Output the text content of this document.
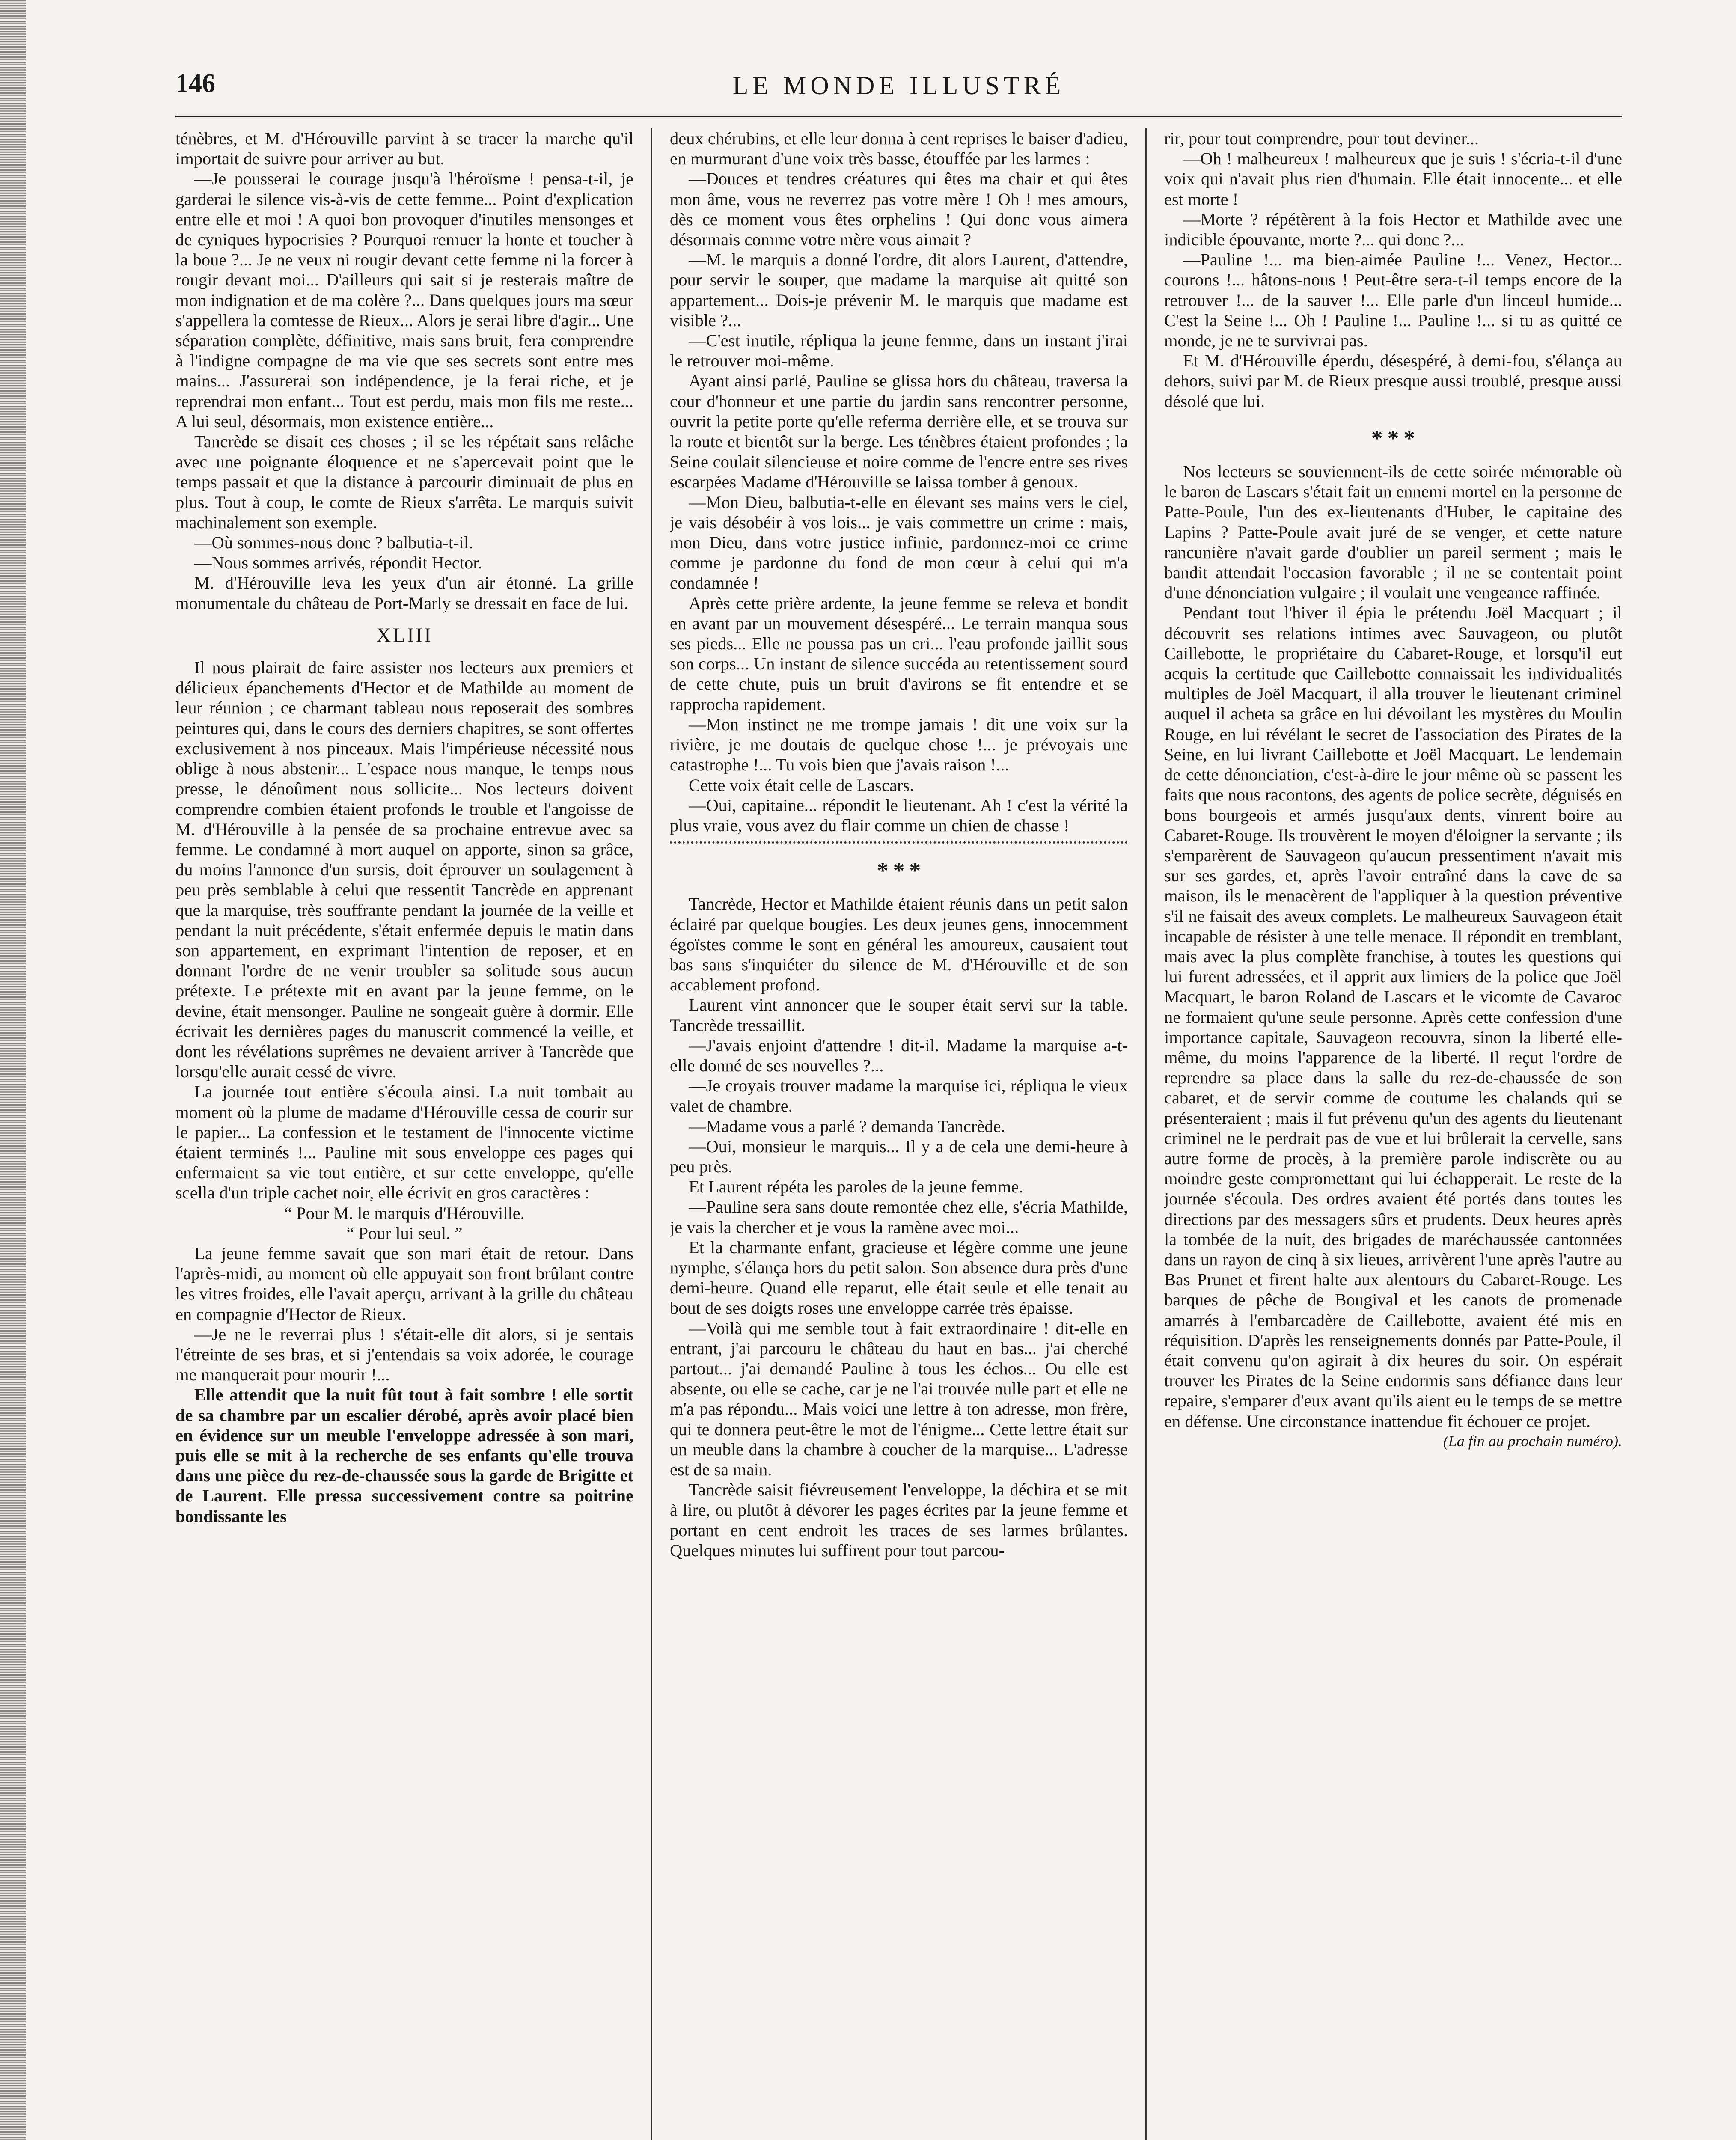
146	LE MONDE ILLUSTRÉ

ténèbres, et M. d'Hérouville parvint à se tracer la marche qu'il importait de suivre pour arriver au but.

—Je pousserai le courage jusqu'à l'héroïsme ! pensa-t-il, je garderai le silence vis-à-vis de cette femme... Point d'explication entre elle et moi ! A quoi bon provoquer d'inutiles mensonges et de cyniques hypocrisies ? Pourquoi remuer la honte et toucher à la boue ?... Je ne veux ni rougir devant cette femme ni la forcer à rougir devant moi... D'ailleurs qui sait si je resterais maître de mon indignation et de ma colère ?... Dans quelques jours ma sœur s'appellera la comtesse de Rieux... Alors je serai libre d'agir... Une séparation complète, définitive, mais sans bruit, fera comprendre à l'indigne compagne de ma vie que ses secrets sont entre mes mains... J'assurerai son indépendence, je la ferai riche, et je reprendrai mon enfant... Tout est perdu, mais mon fils me reste... A lui seul, désormais, mon existence entière...

Tancrède se disait ces choses ; il se les répétait sans relâche avec une poignante éloquence et ne s'apercevait point que le temps passait et que la distance à parcourir diminuait de plus en plus. Tout à coup, le comte de Rieux s'arrêta. Le marquis suivit machinalement son exemple.

—Où sommes-nous donc ? balbutia-t-il.

—Nous sommes arrivés, répondit Hector.

M. d'Hérouville leva les yeux d'un air étonné. La grille monumentale du château de Port-Marly se dressait en face de lui.

XLIII

Il nous plairait de faire assister nos lecteurs aux premiers et délicieux épanchements d'Hector et de Mathilde au moment de leur réunion ; ce charmant tableau nous reposerait des sombres peintures qui, dans le cours des derniers chapitres, se sont offertes exclusivement à nos pinceaux. Mais l'impérieuse nécessité nous oblige à nous abstenir... L'espace nous manque, le temps nous presse, le dénoûment nous sollicite... Nos lecteurs doivent comprendre combien étaient profonds le trouble et l'angoisse de M. d'Hérouville à la pensée de sa prochaine entrevue avec sa femme. Le condamné à mort auquel on apporte, sinon sa grâce, du moins l'annonce d'un sursis, doit éprouver un soulagement à peu près semblable à celui que ressentit Tancrède en apprenant que la marquise, très souffrante pendant la journée de la veille et pendant la nuit précédente, s'était enfermée depuis le matin dans son appartement, en exprimant l'intention de reposer, et en donnant l'ordre de ne venir troubler sa solitude sous aucun prétexte. Le prétexte mit en avant par la jeune femme, on le devine, était mensonger. Pauline ne songeait guère à dormir. Elle écrivait les dernières pages du manuscrit commencé la veille, et dont les révélations suprêmes ne devaient arriver à Tancrède que lorsqu'elle aurait cessé de vivre.

La journée tout entière s'écoula ainsi. La nuit tombait au moment où la plume de madame d'Hérouville cessa de courir sur le papier... La confession et le testament de l'innocente victime étaient terminés !... Pauline mit sous enveloppe ces pages qui enfermaient sa vie tout entière, et sur cette enveloppe, qu'elle scella d'un triple cachet noir, elle écrivit en gros caractères :

“ Pour M. le marquis d'Hérouville.

“ Pour lui seul. ”

La jeune femme savait que son mari était de retour. Dans l'après-midi, au moment où elle appuyait son front brûlant contre les vitres froides, elle l'avait aperçu, arrivant à la grille du château en compagnie d'Hector de Rieux.

—Je ne le reverrai plus ! s'était-elle dit alors, si je sentais l'étreinte de ses bras, et si j'entendais sa voix adorée, le courage me manquerait pour mourir !...

Elle attendit que la nuit fût tout à fait sombre ! elle sortit de sa chambre par un escalier dérobé, après avoir placé bien en évidence sur un meuble l'enveloppe adressée à son mari, puis elle se mit à la recherche de ses enfants qu'elle trouva dans une pièce du rez-de-chaussée sous la garde de Brigitte et de Laurent. Elle pressa successivement contre sa poitrine bondissante les

deux chérubins, et elle leur donna à cent reprises le baiser d'adieu, en murmurant d'une voix très basse, étouffée par les larmes :

—Douces et tendres créatures qui êtes ma chair et qui êtes mon âme, vous ne reverrez pas votre mère ! Oh ! mes amours, dès ce moment vous êtes orphelins ! Qui donc vous aimera désormais comme votre mère vous aimait ?

—M. le marquis a donné l'ordre, dit alors Laurent, d'attendre, pour servir le souper, que madame la marquise ait quitté son appartement... Dois-je prévenir M. le marquis que madame est visible ?...

—C'est inutile, répliqua la jeune femme, dans un instant j'irai le retrouver moi-même.

Ayant ainsi parlé, Pauline se glissa hors du château, traversa la cour d'honneur et une partie du jardin sans rencontrer personne, ouvrit la petite porte qu'elle referma derrière elle, et se trouva sur la route et bientôt sur la berge. Les ténèbres étaient profondes ; la Seine coulait silencieuse et noire comme de l'encre entre ses rives escarpées Madame d'Hérouville se laissa tomber à genoux.

—Mon Dieu, balbutia-t-elle en élevant ses mains vers le ciel, je vais désobéir à vos lois... je vais commettre un crime : mais, mon Dieu, dans votre justice infinie, pardonnez-moi ce crime comme je pardonne du fond de mon cœur à celui qui m'a condamnée !

Après cette prière ardente, la jeune femme se releva et bondit en avant par un mouvement désespéré... Le terrain manqua sous ses pieds... Elle ne poussa pas un cri... l'eau profonde jaillit sous son corps... Un instant de silence succéda au retentissement sourd de cette chute, puis un bruit d'avirons se fit entendre et se rapprocha rapidement.

—Mon instinct ne me trompe jamais ! dit une voix sur la rivière, je me doutais de quelque chose !... je prévoyais une catastrophe !... Tu vois bien que j'avais raison !...

Cette voix était celle de Lascars.

—Oui, capitaine... répondit le lieutenant. Ah ! c'est la vérité la plus vraie, vous avez du flair comme un chien de chasse !

* * *

Tancrède, Hector et Mathilde étaient réunis dans un petit salon éclairé par quelque bougies. Les deux jeunes gens, innocemment égoïstes comme le sont en général les amoureux, causaient tout bas sans s'inquiéter du silence de M. d'Hérouville et de son accablement profond.

Laurent vint annoncer que le souper était servi sur la table. Tancrède tressaillit.

—J'avais enjoint d'attendre ! dit-il. Madame la marquise a-t-elle donné de ses nouvelles ?...

—Je croyais trouver madame la marquise ici, répliqua le vieux valet de chambre.

—Madame vous a parlé ? demanda Tancrède.

—Oui, monsieur le marquis... Il y a de cela une demi-heure à peu près.

Et Laurent répéta les paroles de la jeune femme.

—Pauline sera sans doute remontée chez elle, s'écria Mathilde, je vais la chercher et je vous la ramène avec moi...

Et la charmante enfant, gracieuse et légère comme une jeune nymphe, s'élança hors du petit salon. Son absence dura près d'une demi-heure. Quand elle reparut, elle était seule et elle tenait au bout de ses doigts roses une enveloppe carrée très épaisse.

—Voilà qui me semble tout à fait extraordinaire ! dit-elle en entrant, j'ai parcouru le château du haut en bas... j'ai cherché partout... j'ai demandé Pauline à tous les échos... Ou elle est absente, ou elle se cache, car je ne l'ai trouvée nulle part et elle ne m'a pas répondu... Mais voici une lettre à ton adresse, mon frère, qui te donnera peut-être le mot de l'énigme... Cette lettre était sur un meuble dans la chambre à coucher de la marquise... L'adresse est de sa main.

Tancrède saisit fiévreusement l'enveloppe, la déchira et se mit à lire, ou plutôt à dévorer les pages écrites par la jeune femme et portant en cent endroit les traces de ses larmes brûlantes. Quelques minutes lui suffirent pour tout parcou-

rir, pour tout comprendre, pour tout deviner...

—Oh ! malheureux ! malheureux que je suis ! s'écria-t-il d'une voix qui n'avait plus rien d'humain. Elle était innocente... et elle est morte !

—Morte ? répétèrent à la fois Hector et Mathilde avec une indicible épouvante, morte ?... qui donc ?...

—Pauline !... ma bien-aimée Pauline !... Venez, Hector... courons !... hâtons-nous ! Peut-être sera-t-il temps encore de la retrouver !... de la sauver !... Elle parle d'un linceul humide... C'est la Seine !... Oh ! Pauline !... Pauline !... si tu as quitté ce monde, je ne te survivrai pas.

Et M. d'Hérouville éperdu, désespéré, à demi-fou, s'élança au dehors, suivi par M. de Rieux presque aussi troublé, presque aussi désolé que lui.

* * *

Nos lecteurs se souviennent-ils de cette soirée mémorable où le baron de Lascars s'était fait un ennemi mortel en la personne de Patte-Poule, l'un des ex-lieutenants d'Huber, le capitaine des Lapins ? Patte-Poule avait juré de se venger, et cette nature rancunière n'avait garde d'oublier un pareil serment ; mais le bandit attendait l'occasion favorable ; il ne se contentait point d'une dénonciation vulgaire ; il voulait une vengeance raffinée.

Pendant tout l'hiver il épia le prétendu Joël Macquart ; il découvrit ses relations intimes avec Sauvageon, ou plutôt Caillebotte, le propriétaire du Cabaret-Rouge, et lorsqu'il eut acquis la certitude que Caillebotte connaissait les individualités multiples de Joël Macquart, il alla trouver le lieutenant criminel auquel il acheta sa grâce en lui dévoilant les mystères du Moulin Rouge, en lui révélant le secret de l'association des Pirates de la Seine, en lui livrant Caillebotte et Joël Macquart. Le lendemain de cette dénonciation, c'est-à-dire le jour même où se passent les faits que nous racontons, des agents de police secrète, déguisés en bons bourgeois et armés jusqu'aux dents, vinrent boire au Cabaret-Rouge. Ils trouvèrent le moyen d'éloigner la servante ; ils s'emparèrent de Sauvageon qu'aucun pressentiment n'avait mis sur ses gardes, et, après l'avoir entraîné dans la cave de sa maison, ils le menacèrent de l'appliquer à la question préventive s'il ne faisait des aveux complets. Le malheureux Sauvageon était incapable de résister à une telle menace. Il répondit en tremblant, mais avec la plus complète franchise, à toutes les questions qui lui furent adressées, et il apprit aux limiers de la police que Joël Macquart, le baron Roland de Lascars et le vicomte de Cavaroc ne formaient qu'une seule personne. Après cette confession d'une importance capitale, Sauvageon recouvra, sinon la liberté elle-même, du moins l'apparence de la liberté. Il reçut l'ordre de reprendre sa place dans la salle du rez-de-chaussée de son cabaret, et de servir comme de coutume les chalands qui se présenteraient ; mais il fut prévenu qu'un des agents du lieutenant criminel ne le perdrait pas de vue et lui brûlerait la cervelle, sans autre forme de procès, à la première parole indiscrète ou au moindre geste compromettant qui lui échapperait. Le reste de la journée s'écoula. Des ordres avaient été portés dans toutes les directions par des messagers sûrs et prudents. Deux heures après la tombée de la nuit, des brigades de maréchaussée cantonnées dans un rayon de cinq à six lieues, arrivèrent l'une après l'autre au Bas Prunet et firent halte aux alentours du Cabaret-Rouge. Les barques de pêche de Bougival et les canots de promenade amarrés à l'embarcadère de Caillebotte, avaient été mis en réquisition. D'après les renseignements donnés par Patte-Poule, il était convenu qu'on agirait à dix heures du soir. On espérait trouver les Pirates de la Seine endormis sans défiance dans leur repaire, s'emparer d'eux avant qu'ils aient eu le temps de se mettre en défense. Une circonstance inattendue fit échouer ce projet.

(La fin au prochain numéro).
